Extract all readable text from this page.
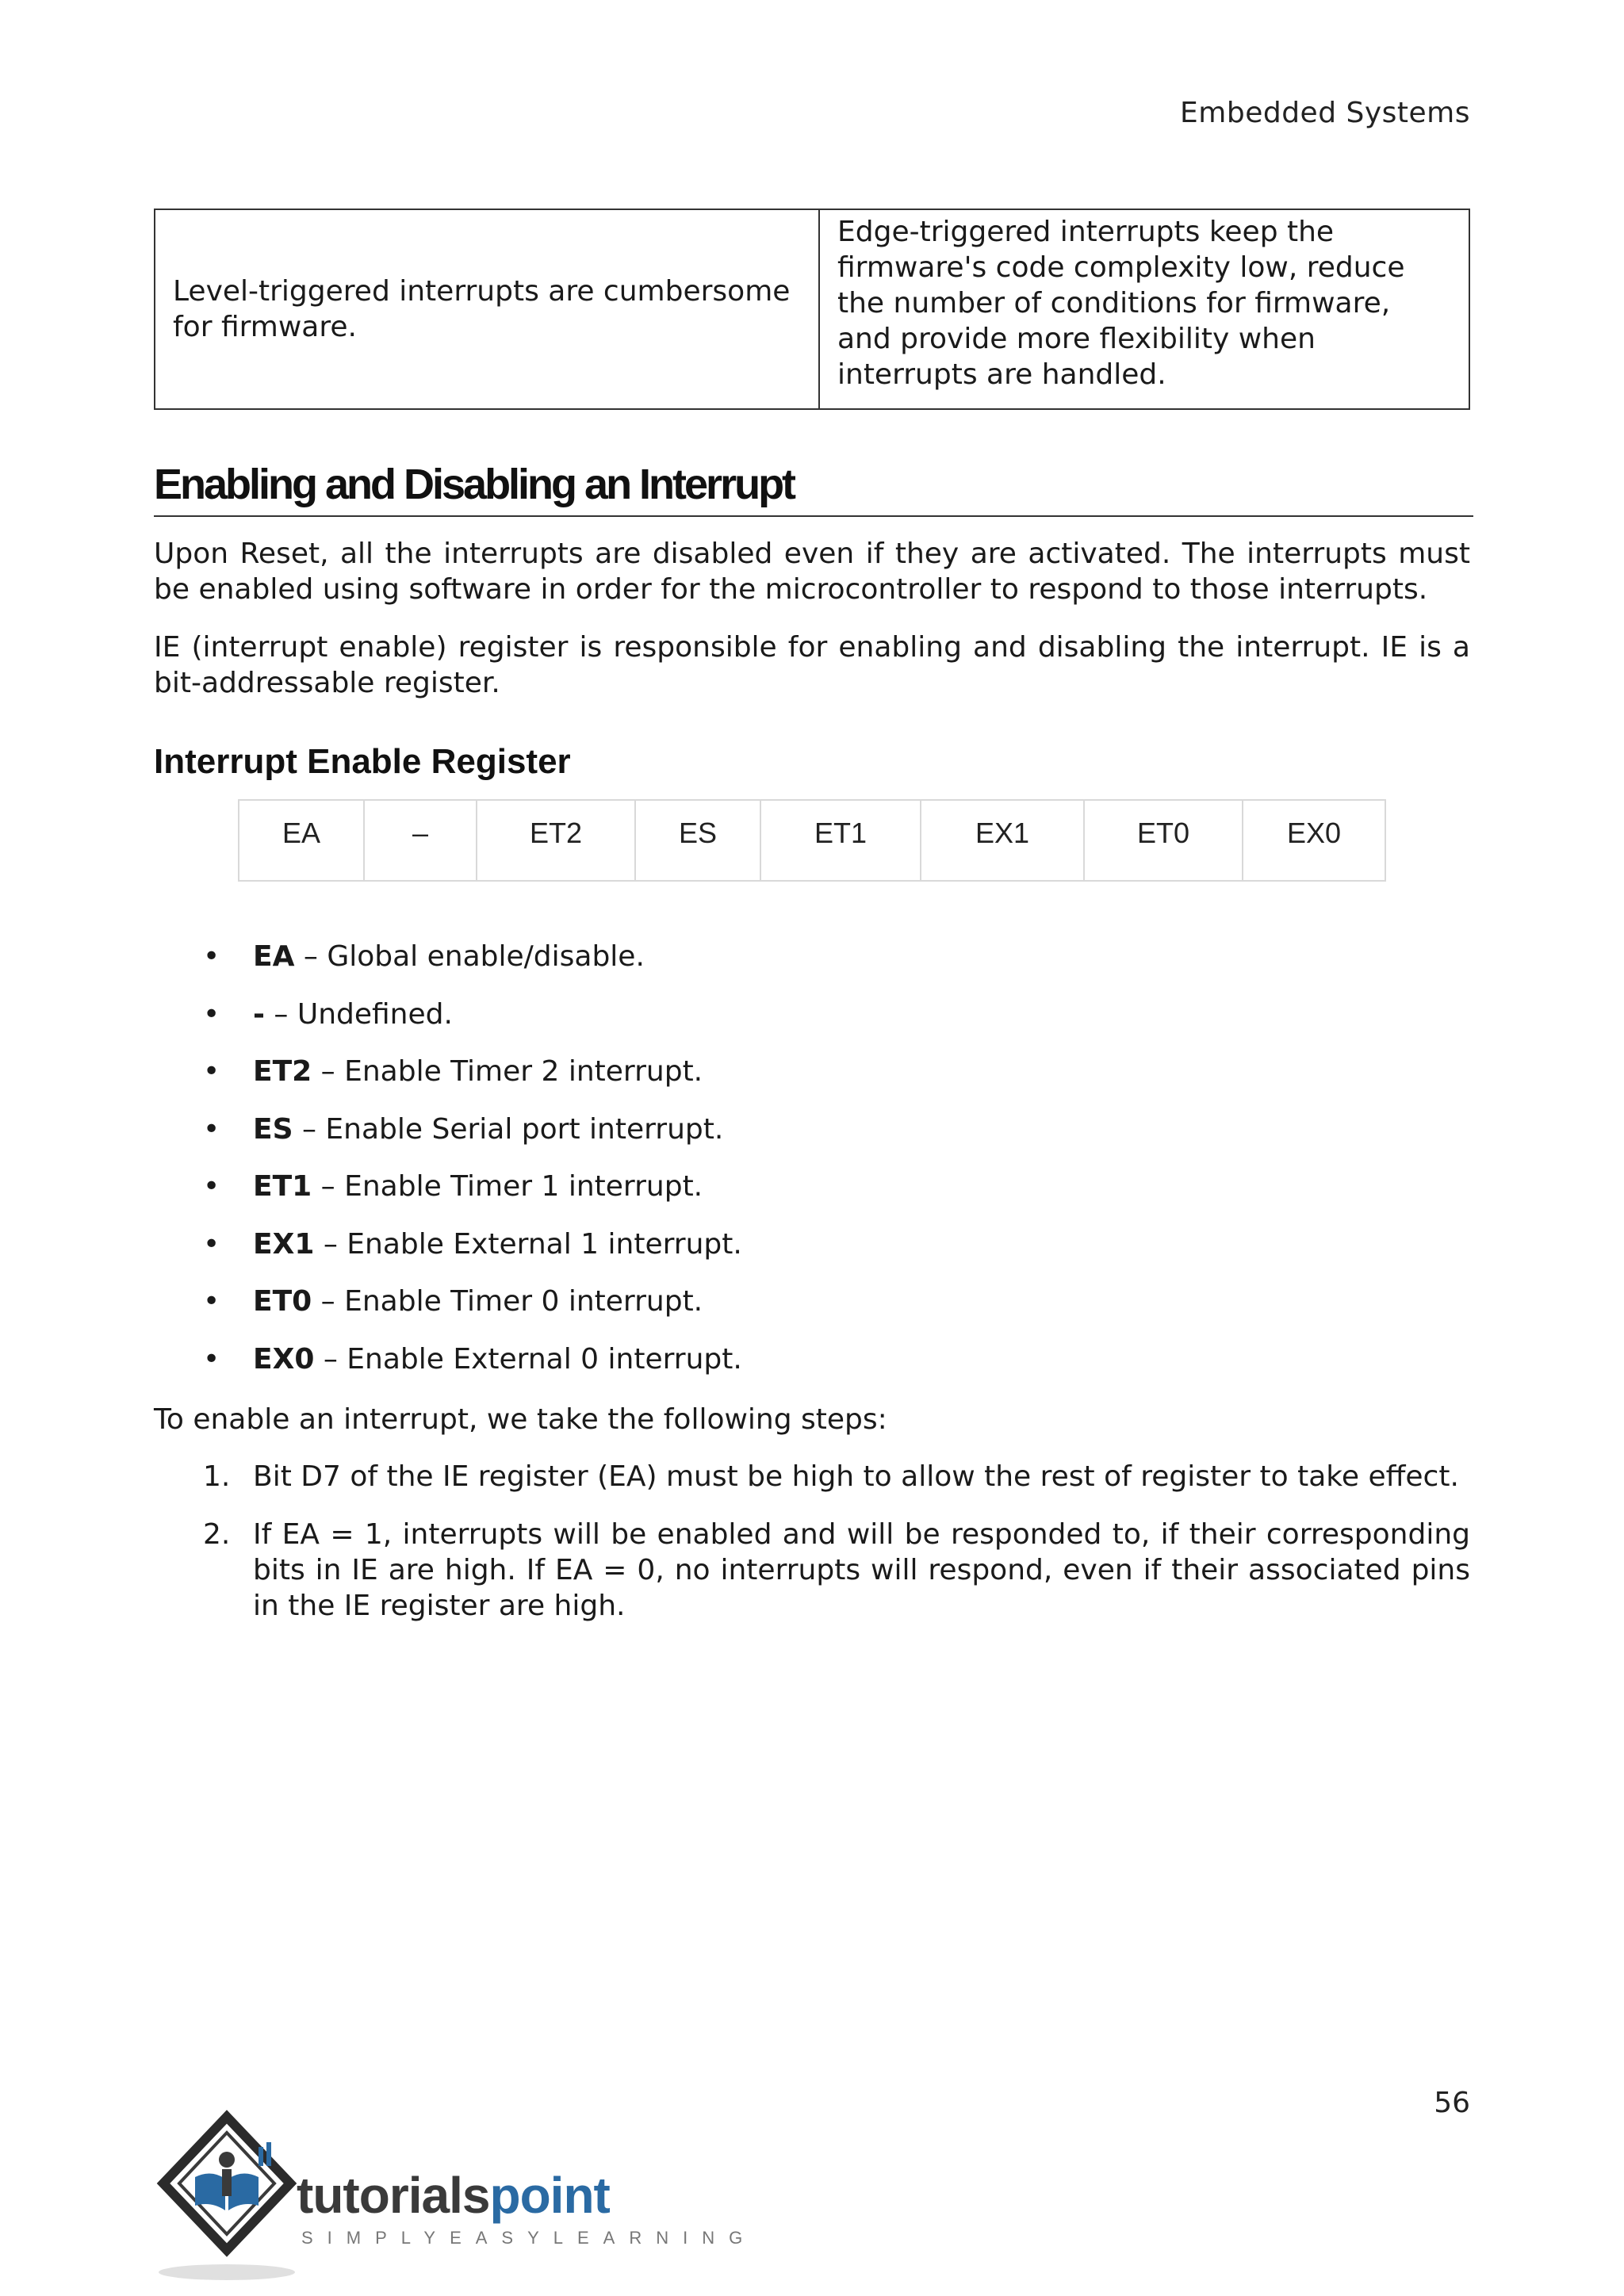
Embedded Systems
Level-triggered interrupts are cumbersome for firmware.	Edge-triggered interrupts keep the firmware's code complexity low, reduce the number of conditions for firmware, and provide more flexibility when interrupts are handled.
Enabling and Disabling an Interrupt
Upon Reset, all the interrupts are disabled even if they are activated. The interrupts must be enabled using software in order for the microcontroller to respond to those interrupts.
IE (interrupt enable) register is responsible for enabling and disabling the interrupt. IE is a bit-addressable register.
Interrupt Enable Register
EA	–	ET2	ES	ET1	EX1	ET0	EX0
• EA – Global enable/disable.
• - – Undefined.
• ET2 – Enable Timer 2 interrupt.
• ES – Enable Serial port interrupt.
• ET1 – Enable Timer 1 interrupt.
• EX1 – Enable External 1 interrupt.
• ET0 – Enable Timer 0 interrupt.
• EX0 – Enable External 0 interrupt.
To enable an interrupt, we take the following steps:
1. Bit D7 of the IE register (EA) must be high to allow the rest of register to take effect.
2. If EA = 1, interrupts will be enabled and will be responded to, if their corresponding bits in IE are high. If EA = 0, no interrupts will respond, even if their associated pins in the IE register are high.
56
tutorialspoint
SIMPLYEASYLEARNING
